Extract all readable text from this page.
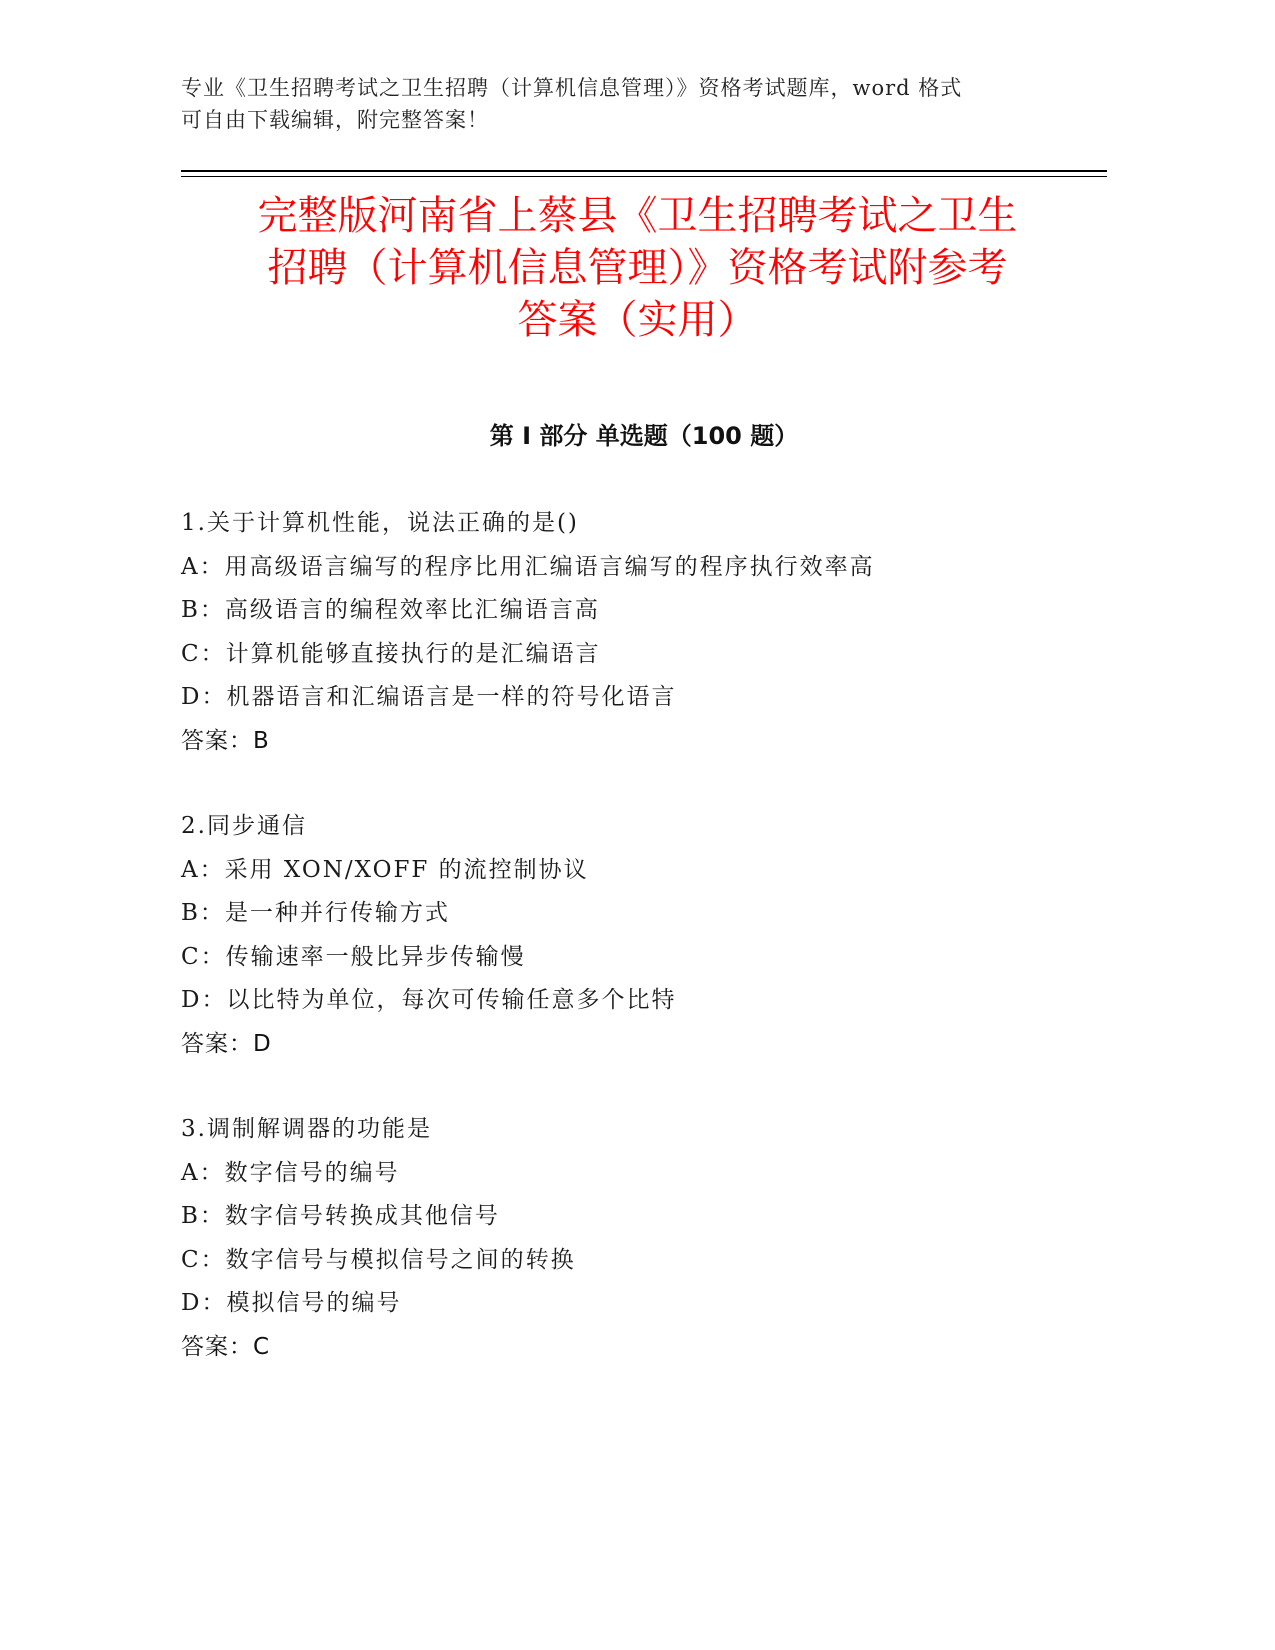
专业《卫生招聘考试之卫生招聘（计算机信息管理）》资格考试题库，word 格式
可自由下载编辑，附完整答案！
完整版河南省上蔡县《卫生招聘考试之卫生
招聘（计算机信息管理）》资格考试附参考
答案（实用）
第 I 部分 单选题（100 题）
1.关于计算机性能，说法正确的是()
A：用高级语言编写的程序比用汇编语言编写的程序执行效率高
B：高级语言的编程效率比汇编语言高
C：计算机能够直接执行的是汇编语言
D：机器语言和汇编语言是一样的符号化语言
答案：B
2.同步通信
A：采用 XON/XOFF 的流控制协议
B：是一种并行传输方式
C：传输速率一般比异步传输慢
D：以比特为单位，每次可传输任意多个比特
答案：D
3.调制解调器的功能是
A：数字信号的编号
B：数字信号转换成其他信号
C：数字信号与模拟信号之间的转换
D：模拟信号的编号
答案：C
